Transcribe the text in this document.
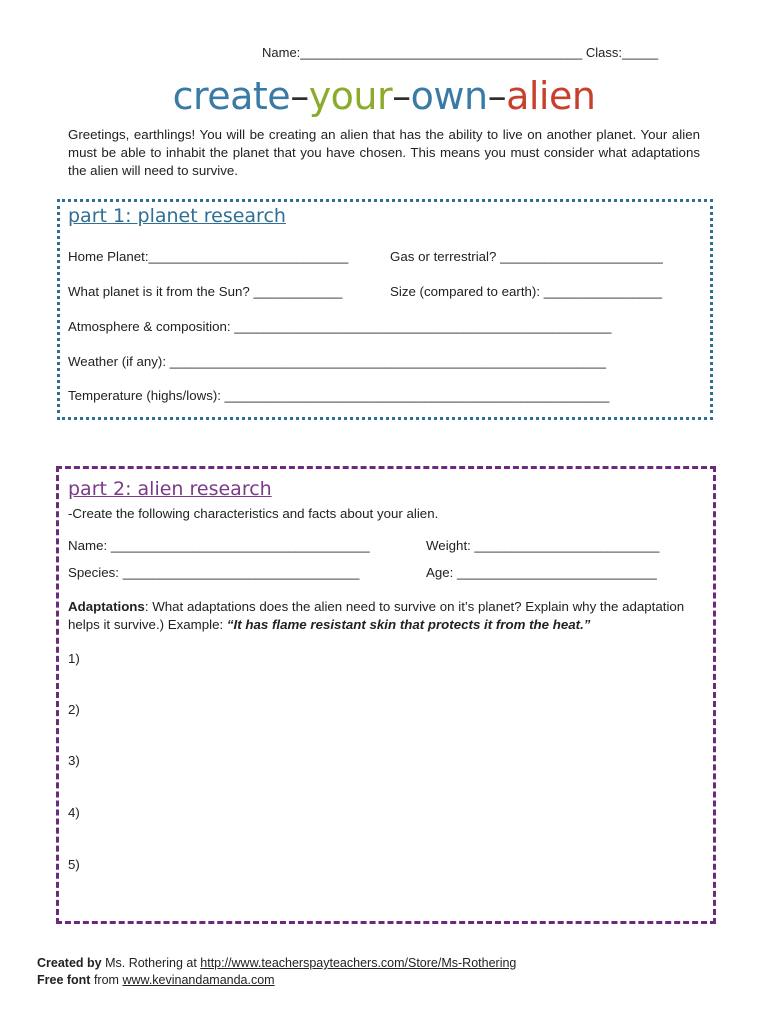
Name:_______________________________________ Class:_____
create–your–own–alien
Greetings, earthlings! You will be creating an alien that has the ability to live on another planet. Your alien must be able to inhabit the planet that you have chosen. This means you must consider what adaptations the alien will need to survive.
part 1: planet research
Home Planet:___________________________	Gas or terrestrial? ______________________
What planet is it from the Sun? ____________	Size (compared to earth): ________________
Atmosphere & composition: ___________________________________________________
Weather (if any): ___________________________________________________________
Temperature (highs/lows): ____________________________________________________
part 2: alien research
-Create the following characteristics and facts about your alien.
Name: ___________________________________	Weight: _________________________
Species: ________________________________	Age: ___________________________
Adaptations: What adaptations does the alien need to survive on it’s planet? Explain why the adaptation helps it survive.) Example: “It has flame resistant skin that protects it from the heat.”
1)
2)
3)
4)
5)
Created by Ms. Rothering at http://www.teacherspayteachers.com/Store/Ms-Rothering
Free font from www.kevinandamanda.com
